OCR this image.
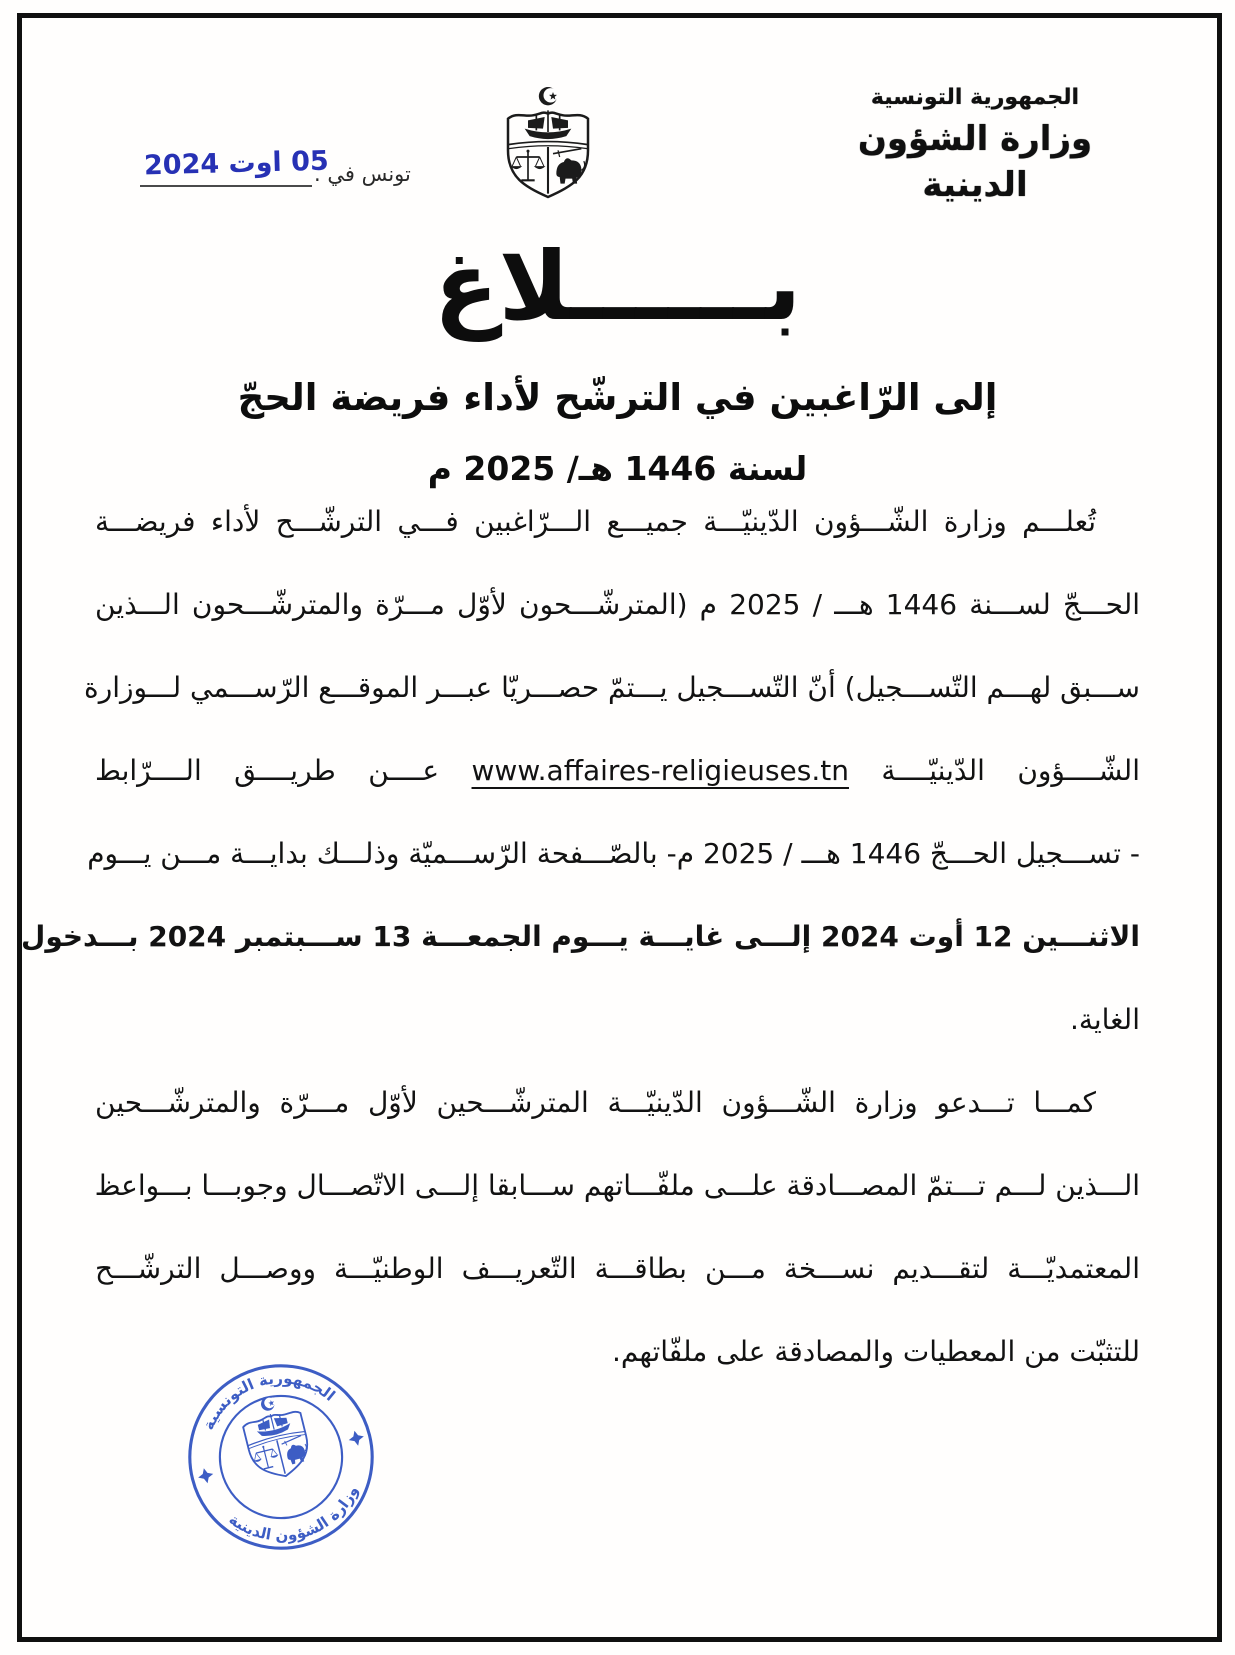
05 اوت 2024
تونس في .
الجمهورية التونسية
وزارة الشؤون الدينية
بــــــلاغ
إلى الرّاغبين في الترشّح لأداء فريضة الحجّ
لسنة 1446 هـ/ 2025 م
تُعلـــم وزارة الشّـــؤون الدّينيّـــة جميـــع الـــرّاغبين فـــي الترشّـــح لأداء فريضـــة
الحـــجّ لســـنة 1446 هـــ / 2025 م (المترشّـــحون لأوّل مـــرّة والمترشّـــحون الـــذين
ســـبق لهـــم التّســـجيل) أنّ التّســـجيل يـــتمّ حصـــريّا عبـــر الموقـــع الرّســـمي لـــوزارة
الشّــــؤون الدّينيّــــة www.affaires-religieuses.tn عــــن طريــــق الــــرّابط
- تســـجيل الحـــجّ 1446 هـــ / 2025 م- بالصّـــفحة الرّســـميّة وذلـــك بدايـــة مـــن يـــوم
الاثنـــين 12 أوت 2024 إلـــى غايـــة يـــوم الجمعـــة 13 ســـبتمبر 2024 بـــدخول
الغاية.
كمـــا تـــدعو وزارة الشّـــؤون الدّينيّـــة المترشّـــحين لأوّل مـــرّة والمترشّـــحين
الـــذين لـــم تـــتمّ المصـــادقة علـــى ملفّـــاتهم ســـابقا إلـــى الاتّصـــال وجوبـــا بـــواعظ
المعتمديّـــة لتقـــديم نســـخة مـــن بطاقـــة التّعريـــف الوطنيّـــة ووصـــل الترشّـــح
للتثبّت من المعطيات والمصادقة على ملفّاتهم.
الجمهورية التونسية
وزارة الشؤون الدينية
